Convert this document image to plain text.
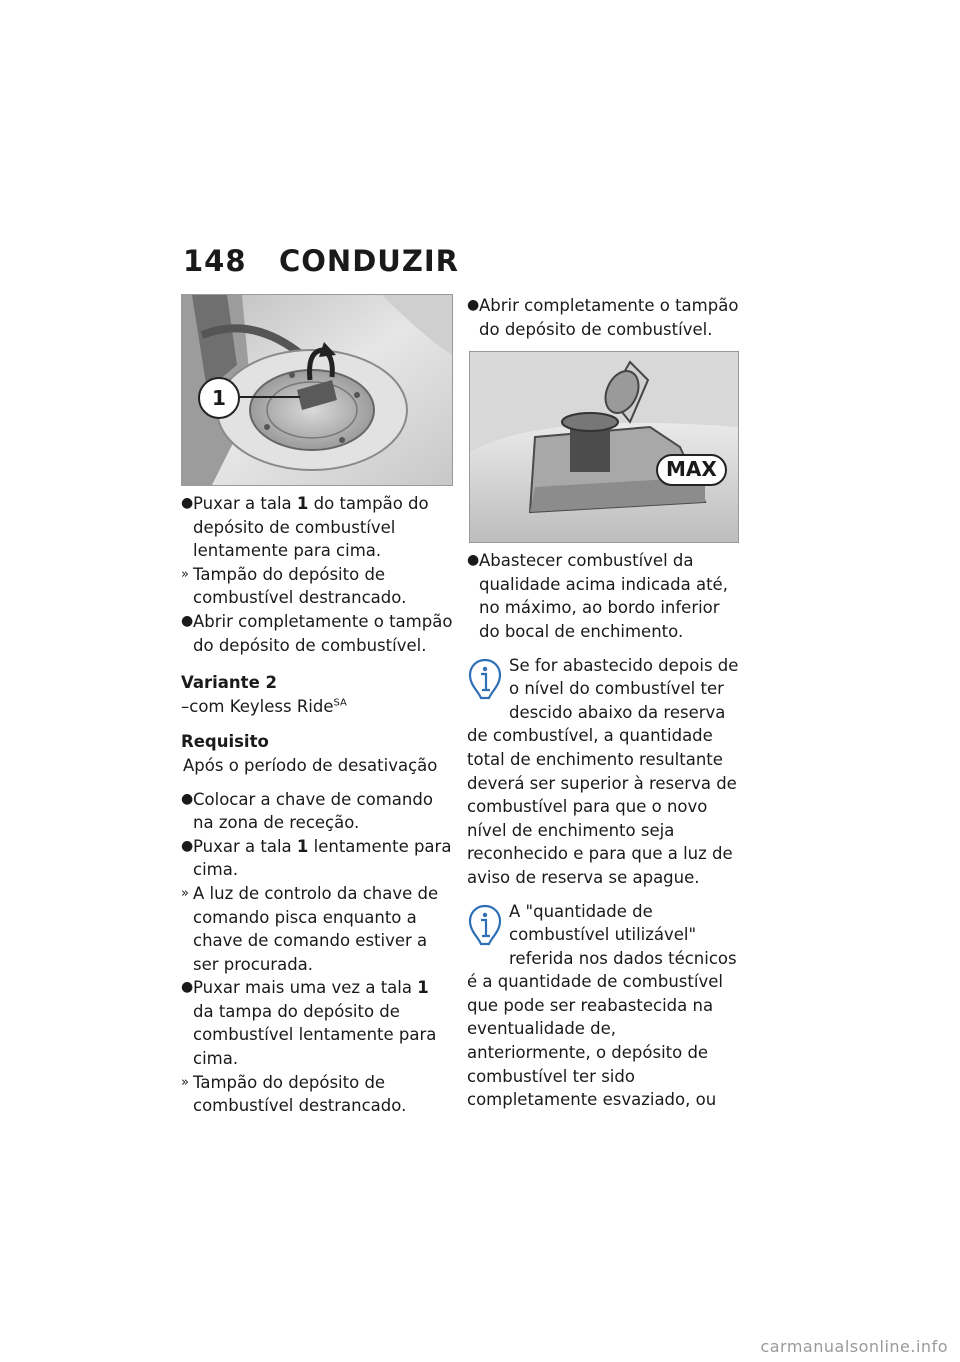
148 CONDUZIR
1
● Puxar a tala 1 do tampão do depósito de combustível lentamente para cima.
» Tampão do depósito de combustível destrancado.
● Abrir completamente o tampão do depósito de combustível.
Variante 2
–com Keyless Ride$^{SA}$
Requisito
Após o período de desativação
● Colocar a chave de comando na zona de receção.
● Puxar a tala 1 lentamente para cima.
» A luz de controlo da chave de comando pisca enquanto a chave de comando estiver a ser procurada.
● Puxar mais uma vez a tala 1 da tampa do depósito de combustível lentamente para cima.
» Tampão do depósito de combustível destrancado.
● Abrir completamente o tampão do depósito de combustível.
MAX
● Abastecer combustível da qualidade acima indicada até, no máximo, ao bordo inferior do bocal de enchimento.
Se for abastecido depois de o nível do combustível ter descido abaixo da reserva de combustível, a quantidade total de enchimento resultante deverá ser superior à reserva de combustível para que o novo nível de enchimento seja reconhecido e para que a luz de aviso de reserva se apague.
A "quantidade de combustível utilizável" referida nos dados técnicos é a quantidade de combustível que pode ser reabastecida na eventualidade de, anteriormente, o depósito de combustível ter sido completamente esvaziado, ou
carmanualsonline.info
